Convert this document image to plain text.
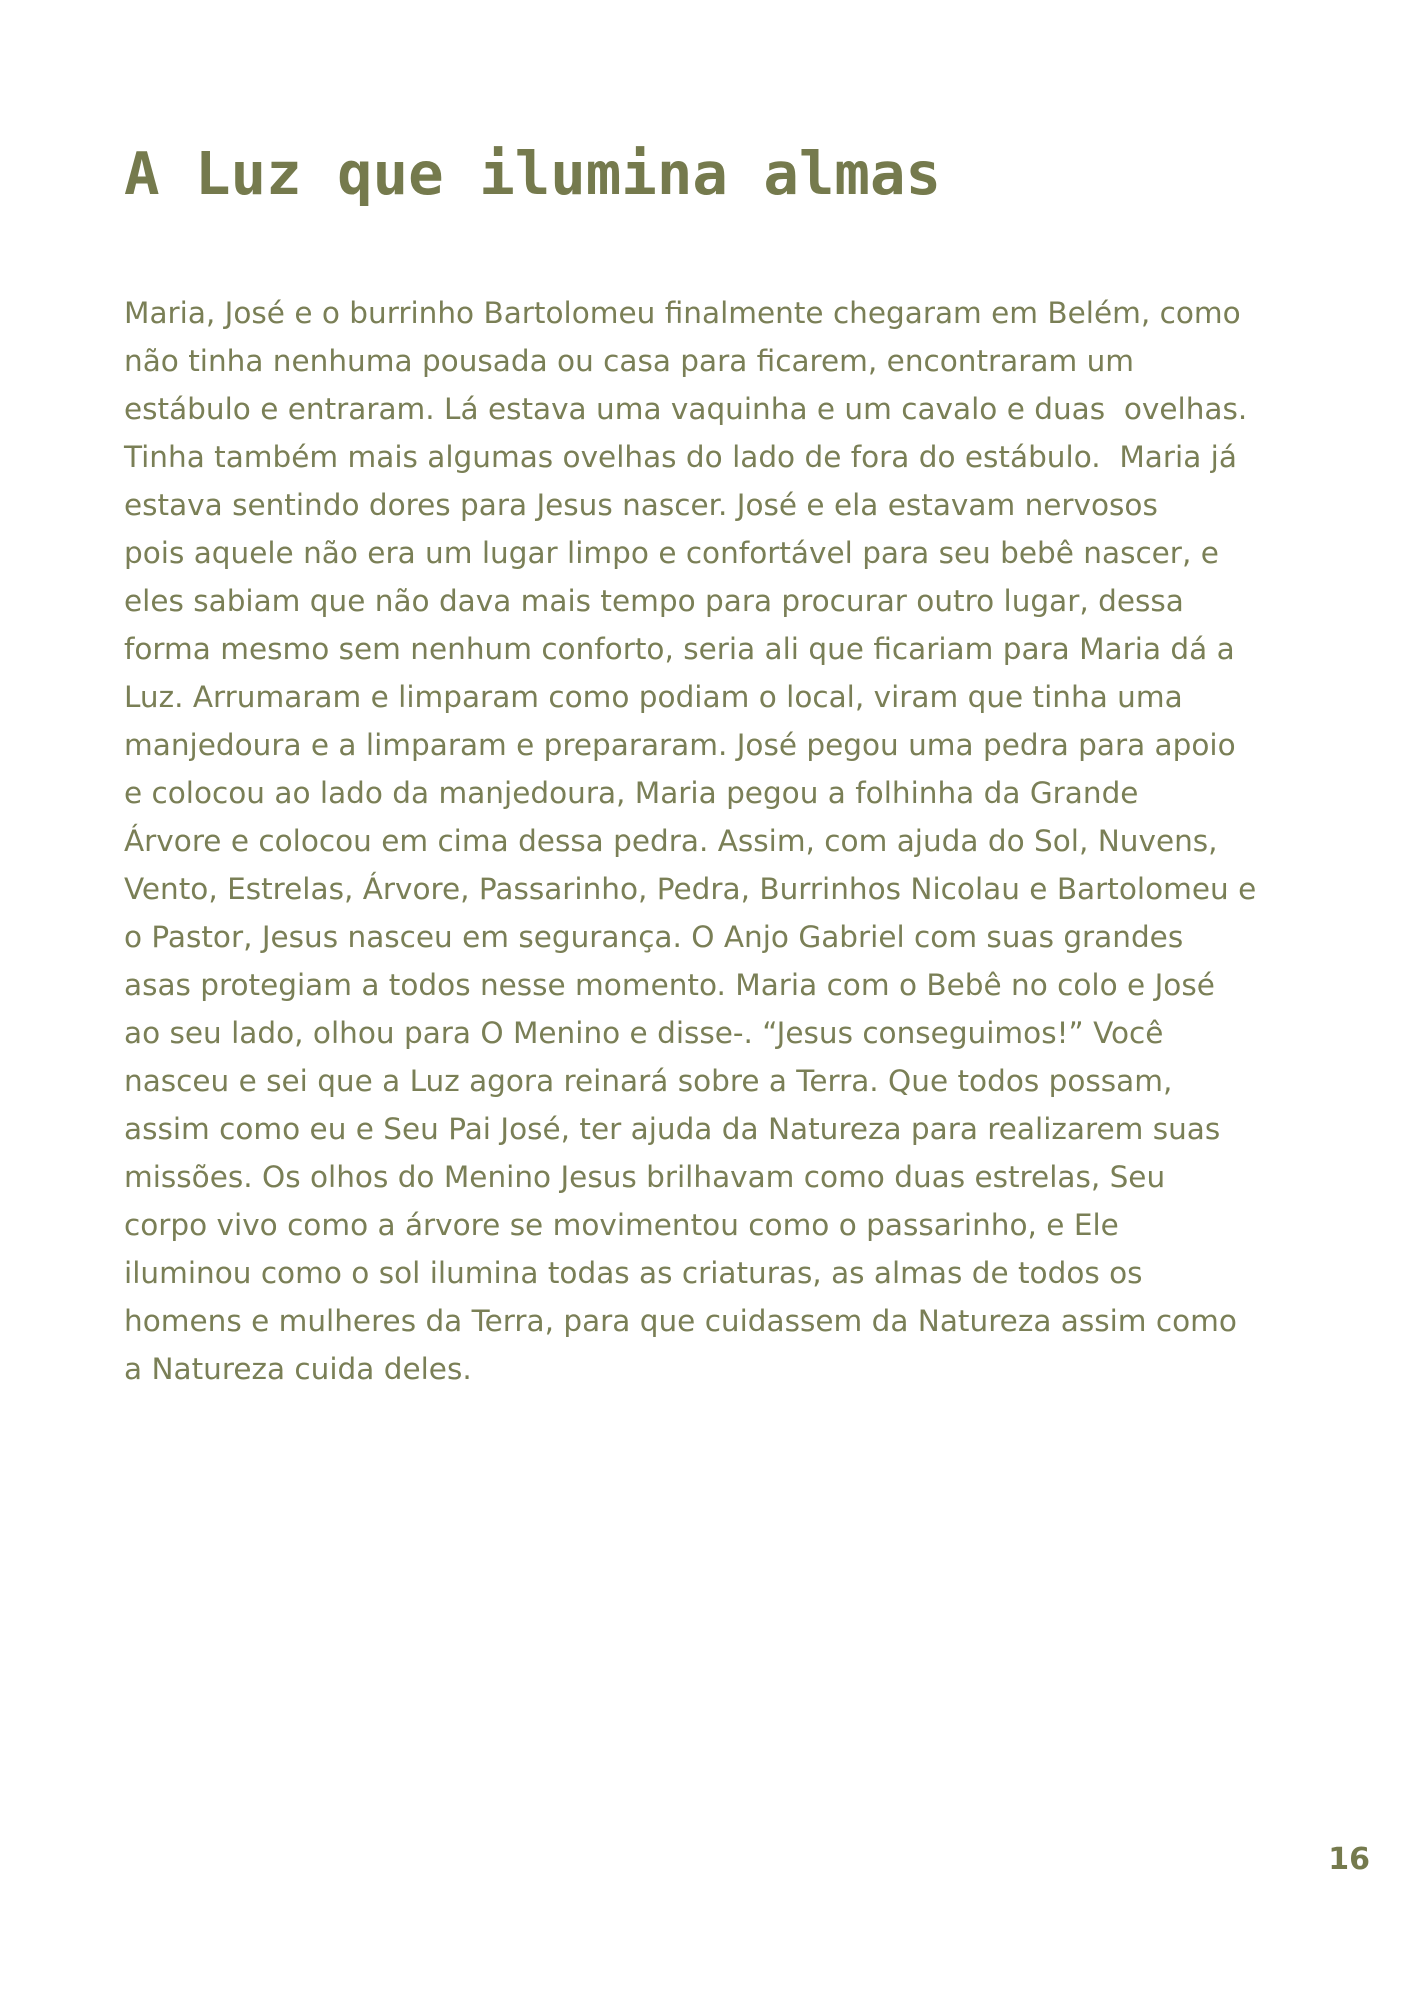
A Luz que ilumina almas
Maria, José e o burrinho Bartolomeu finalmente chegaram em Belém, como
não tinha nenhuma pousada ou casa para ficarem, encontraram um
estábulo e entraram. Lá estava uma vaquinha e um cavalo e duas  ovelhas.
Tinha também mais algumas ovelhas do lado de fora do estábulo.  Maria já
estava sentindo dores para Jesus nascer. José e ela estavam nervosos
pois aquele não era um lugar limpo e confortável para seu bebê nascer, e
eles sabiam que não dava mais tempo para procurar outro lugar, dessa
forma mesmo sem nenhum conforto, seria ali que ficariam para Maria dá a
Luz. Arrumaram e limparam como podiam o local, viram que tinha uma
manjedoura e a limparam e prepararam. José pegou uma pedra para apoio
e colocou ao lado da manjedoura, Maria pegou a folhinha da Grande
Árvore e colocou em cima dessa pedra. Assim, com ajuda do Sol, Nuvens,
Vento, Estrelas, Árvore, Passarinho, Pedra, Burrinhos Nicolau e Bartolomeu e
o Pastor, Jesus nasceu em segurança. O Anjo Gabriel com suas grandes
asas protegiam a todos nesse momento. Maria com o Bebê no colo e José
ao seu lado, olhou para O Menino e disse-. “Jesus conseguimos!” Você
nasceu e sei que a Luz agora reinará sobre a Terra. Que todos possam,
assim como eu e Seu Pai José, ter ajuda da Natureza para realizarem suas
missões. Os olhos do Menino Jesus brilhavam como duas estrelas, Seu
corpo vivo como a árvore se movimentou como o passarinho, e Ele
iluminou como o sol ilumina todas as criaturas, as almas de todos os
homens e mulheres da Terra, para que cuidassem da Natureza assim como
a Natureza cuida deles.
16
